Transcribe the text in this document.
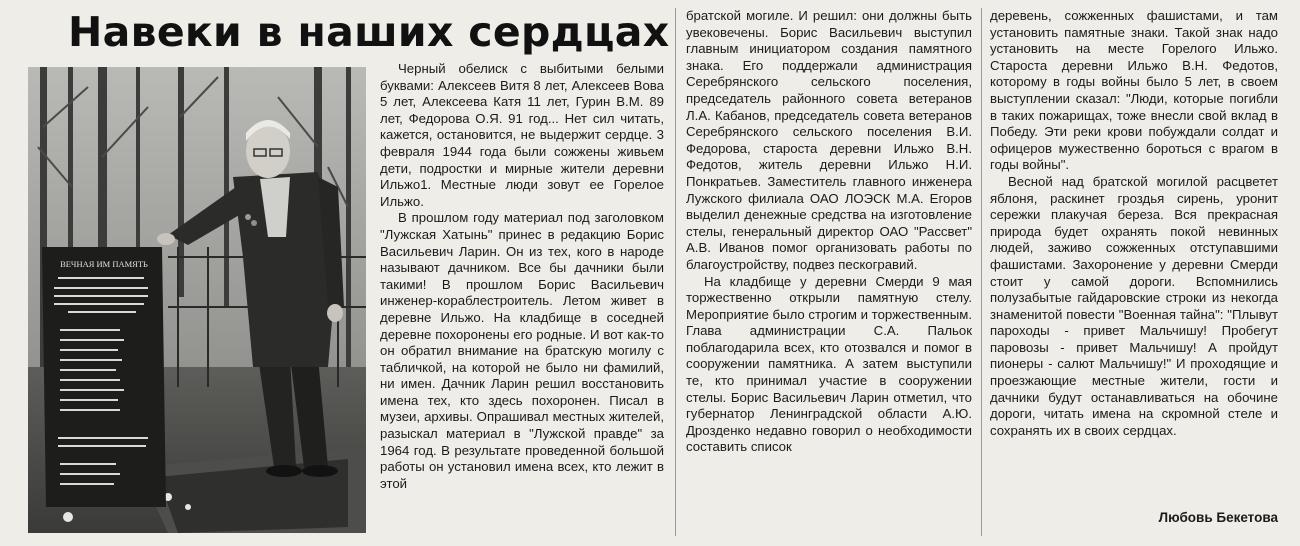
Навеки в наших сердцах
ВЕЧНАЯ ИМ ПАМЯТЬ

Черный обелиск с выбитыми белыми буквами: Алексеев Витя 8 лет, Алексеев Вова 5 лет, Алексеева Катя 11 лет, Гурин В.М. 89 лет, Федорова О.Я. 91 год... Нет сил читать, кажется, остановится, не выдержит сердце. 3 февраля 1944 года были сожжены живьем дети, подростки и мирные жители деревни Ильжо1. Местные люди зовут ее Горелое Ильжо.

В прошлом году материал под заголовком "Лужская Хатынь" принес в редакцию Борис Васильевич Ларин. Он из тех, кого в народе называют дачником. Все бы дачники были такими! В прошлом Борис Васильевич инженер-кораблестроитель. Летом живет в деревне Ильжо. На кладбище в соседней деревне похоронены его родные. И вот как-то он обратил внимание на братскую могилу с табличкой, на которой не было ни фамилий, ни имен. Дачник Ларин решил восстановить имена тех, кто здесь похоронен. Писал в музеи, архивы. Опрашивал местных жителей, разыскал материал в "Лужской правде" за 1964 год. В результате проведенной большой работы он установил имена всех, кто лежит в этой

братской могиле. И решил: они должны быть увековечены. Борис Васильевич выступил главным инициатором создания памятного знака. Его поддержали администрация Серебрянского сельского поселения, председатель районного совета ветеранов Л.А. Кабанов, председатель совета ветеранов Серебрянского сельского поселения В.И. Федорова, староста деревни Ильжо В.Н. Федотов, житель деревни Ильжо Н.И. Понкратьев. Заместитель главного инженера Лужского филиала ОАО ЛОЭСК М.А. Егоров выделил денежные средства на изготовление стелы, генеральный директор ОАО "Рассвет" А.В. Иванов помог организовать работы по благоустройству, подвез пескогравий.

На кладбище у деревни Смерди 9 мая торжественно открыли памятную стелу. Мероприятие было строгим и торжественным. Глава администрации С.А. Пальок поблагодарила всех, кто отозвался и помог в сооружении памятника. А затем выступили те, кто принимал участие в сооружении стелы. Борис Васильевич Ларин отметил, что губернатор Ленинградской области А.Ю. Дрозденко недавно говорил о необходимости составить список

деревень, сожженных фашистами, и там установить памятные знаки. Такой знак надо установить на месте Горелого Ильжо. Староста деревни Ильжо В.Н. Федотов, которому в годы войны было 5 лет, в своем выступлении сказал: "Люди, которые погибли в таких пожарищах, тоже внесли свой вклад в Победу. Эти реки крови побуждали солдат и офицеров мужественно бороться с врагом в годы войны".

Весной над братской могилой расцветет яблоня, раскинет гроздья сирень, уронит сережки плакучая береза. Вся прекрасная природа будет охранять покой невинных людей, заживо сожженных отступавшими фашистами. Захоронение у деревни Смерди стоит у самой дороги. Вспомнились полузабытые гайдаровские строки из некогда знаменитой повести "Военная тайна": "Плывут пароходы - привет Мальчишу! Пробегут паровозы - привет Мальчишу! А пройдут пионеры - салют Мальчишу!" И проходящие и проезжающие местные жители, гости и дачники будут останавливаться на обочине дороги, читать имена на скромной стеле и сохранять их в своих сердцах.

Любовь Бекетова
